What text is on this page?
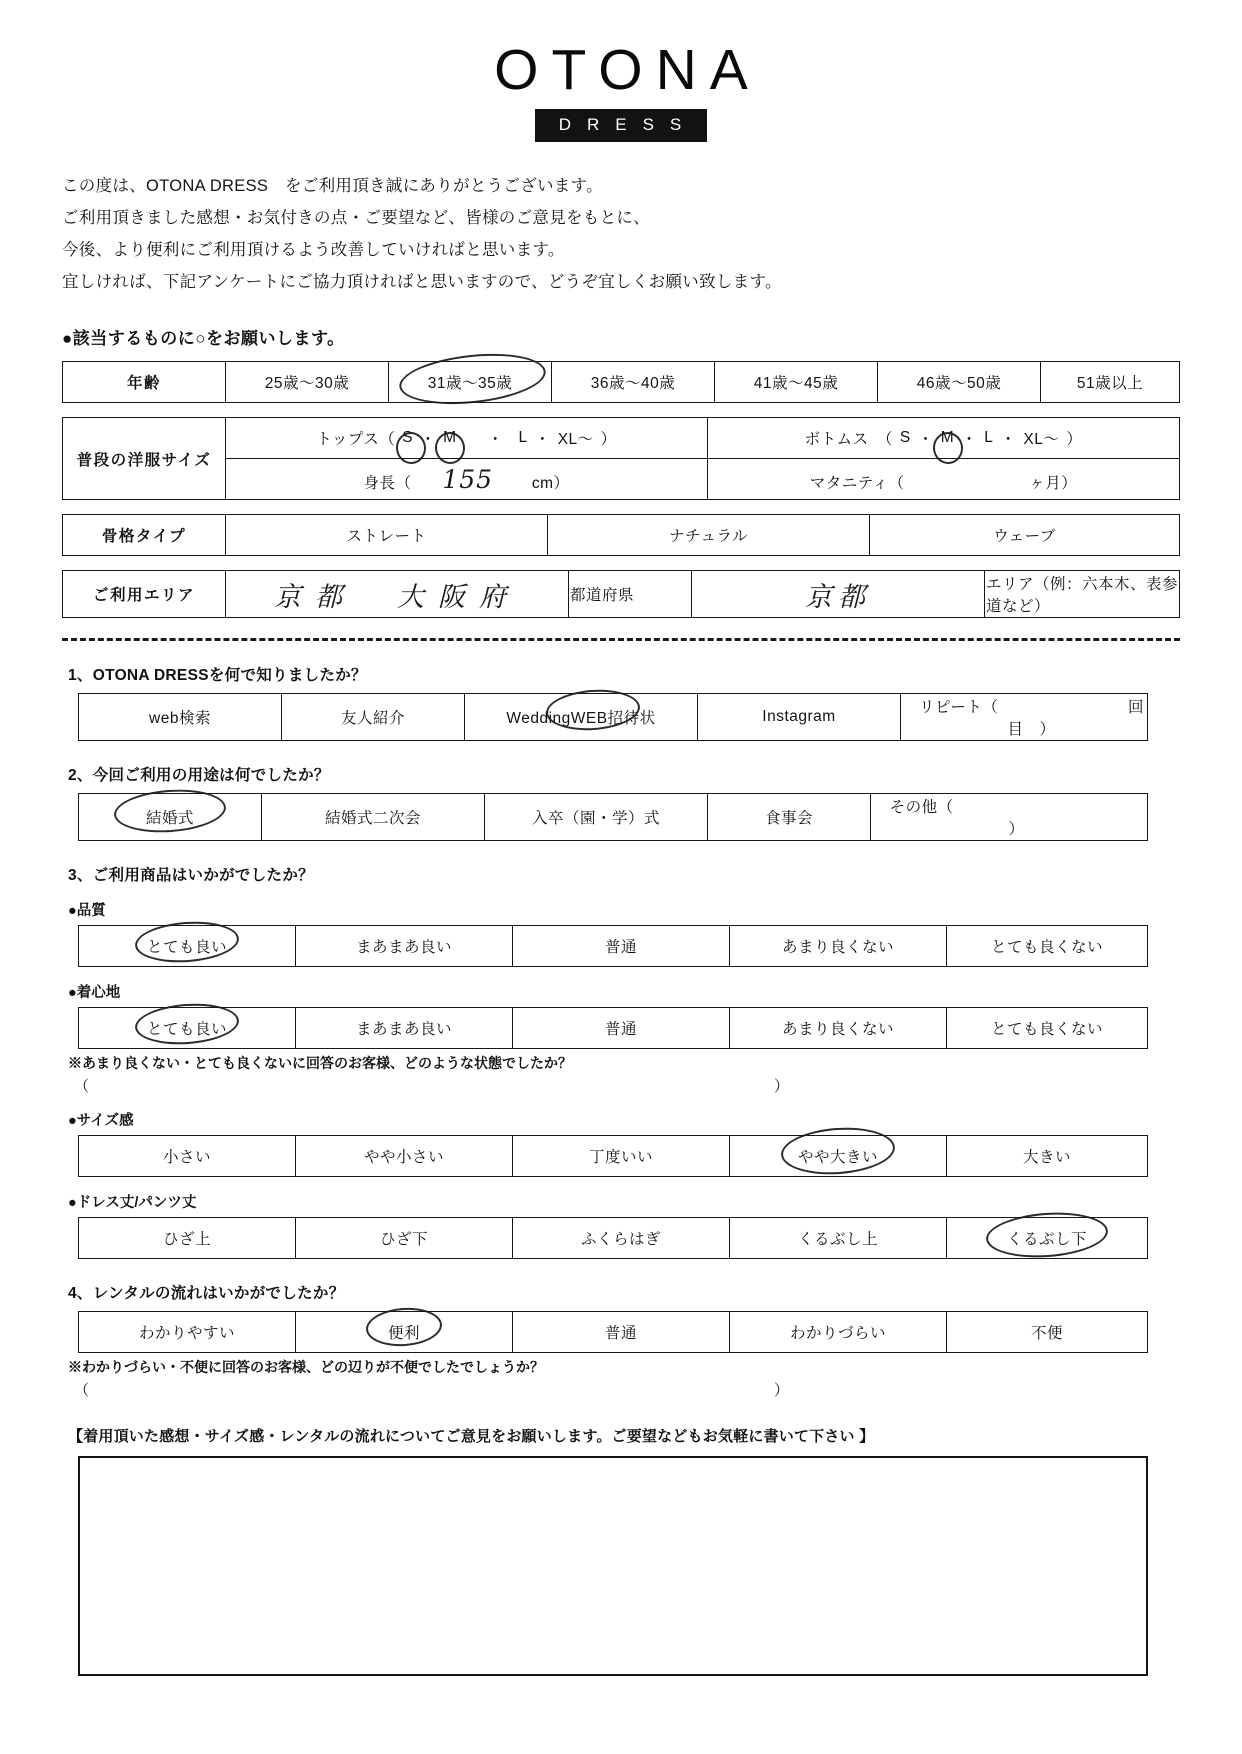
OTONA
DRESS
この度は、OTONA DRESS　をご利用頂き誠にありがとうございます。
ご利用頂きました感想・お気付きの点・ご要望など、皆様のご意見をもとに、
今後、より便利にご利用頂けるよう改善していければと思います。
宜しければ、下記アンケートにご協力頂ければと思いますので、どうぞ宜しくお願い致します。
●該当するものに○をお願いします。
年齢	25歳〜30歳	31歳〜35歳	36歳〜40歳	41歳〜45歳	46歳〜50歳	51歳以上
普段の洋服サイズ	
トップス（ S ・ M 　・　 L ・ XL〜 ）	ボトムス　（ S ・ M ・ L ・ XL〜 ）

	身長（ 155 cm）	マタニティ（ ヶ月）
骨格タイプ	ストレート	ナチュラル	ウェーブ
ご利用エリア	京都　大阪府	都道府県	京都	エリア（例：六本木、表参道など）
1、OTONA DRESSを何で知りましたか？
web検索	友人紹介	WeddingWEB招待状	Instagram	リピート（	回目　）
2、今回ご利用の用途は何でしたか？
結婚式	結婚式二次会	入卒（園・学）式	食事会	その他（  ）
3、ご利用商品はいかがでしたか？
●品質
とても良い	まあまあ良い	普通	あまり良くない	とても良くない
●着心地
とても良い	まあまあ良い	普通	あまり良くない	とても良くない
※あまり良くない・とても良くないに回答のお客様、どのような状態でしたか？
（	）
●サイズ感
小さい	やや小さい	丁度いい	やや大きい	大きい
●ドレス丈/パンツ丈
ひざ上	ひざ下	ふくらはぎ	くるぶし上	くるぶし下
4、レンタルの流れはいかがでしたか？
わかりやすい	便利	普通	わかりづらい	不便
※わかりづらい・不便に回答のお客様、どの辺りが不便でしたでしょうか？
（	）
【着用頂いた感想・サイズ感・レンタルの流れについてご意見をお願いします。ご要望などもお気軽に書いて下さい 】
